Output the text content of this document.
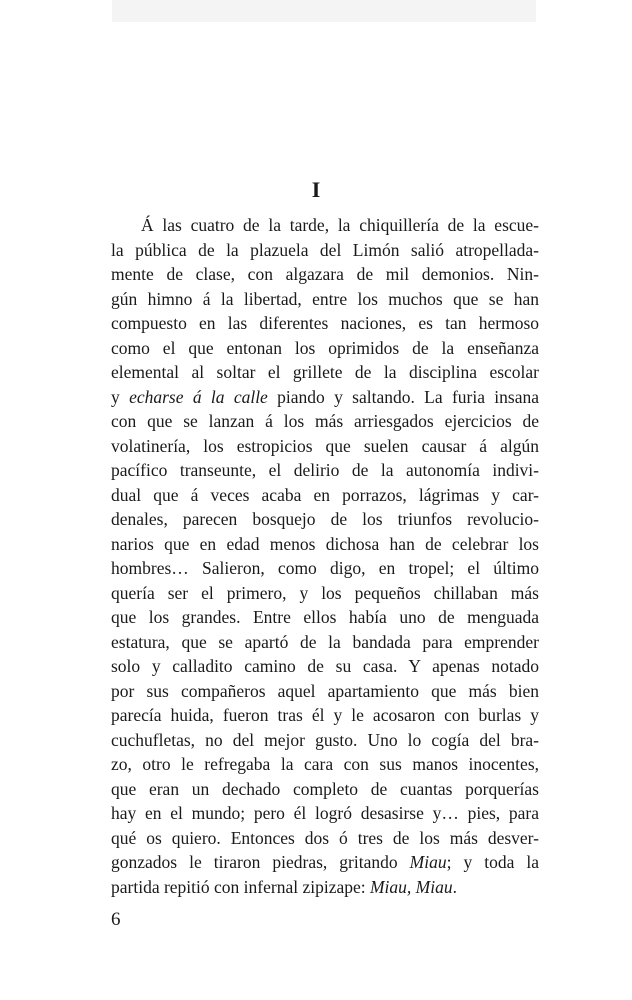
I
Á las cuatro de la tarde, la chiquillería de la escue-
la pública de la plazuela del Limón salió atropellada-
mente de clase, con algazara de mil demonios. Nin-
gún himno á la libertad, entre los muchos que se han
compuesto en las diferentes naciones, es tan hermoso
como el que entonan los oprimidos de la enseñanza
elemental al soltar el grillete de la disciplina escolar
y echarse á la calle piando y saltando. La furia insana
con que se lanzan á los más arriesgados ejercicios de
volatinería, los estropicios que suelen causar á algún
pacífico transeunte, el delirio de la autonomía indivi-
dual que á veces acaba en porrazos, lágrimas y car-
denales, parecen bosquejo de los triunfos revolucio-
narios que en edad menos dichosa han de celebrar los
hombres… Salieron, como digo, en tropel; el último
quería ser el primero, y los pequeños chillaban más
que los grandes. Entre ellos había uno de menguada
estatura, que se apartó de la bandada para emprender
solo y calladito camino de su casa. Y apenas notado
por sus compañeros aquel apartamiento que más bien
parecía huida, fueron tras él y le acosaron con burlas y
cuchufletas, no del mejor gusto. Uno lo cogía del bra-
zo, otro le refregaba la cara con sus manos inocentes,
que eran un dechado completo de cuantas porquerías
hay en el mundo; pero él logró desasirse y… pies, para
qué os quiero. Entonces dos ó tres de los más desver-
gonzados le tiraron piedras, gritando Miau; y toda la
partida repitió con infernal zipizape: Miau, Miau.
6
